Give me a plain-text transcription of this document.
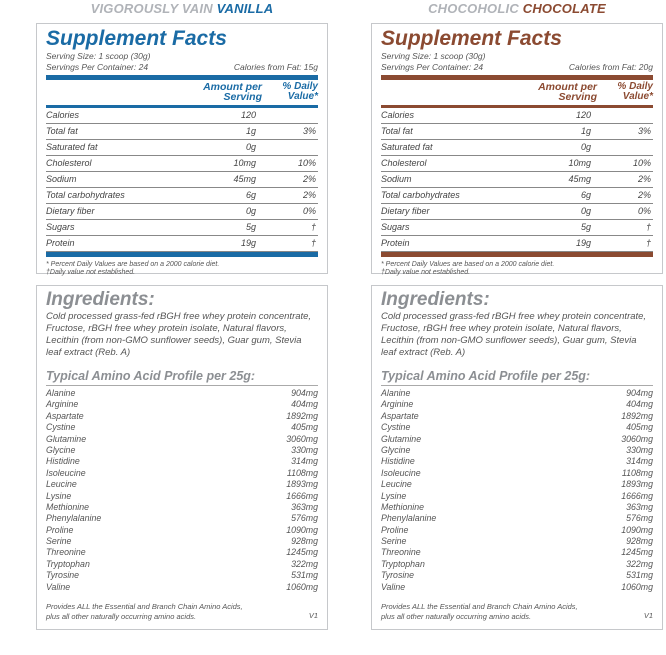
VIGOROUSLY VAIN VANILLA
Supplement Facts
Serving Size: 1 scoop (30g)
Servings Per Container: 24	Calories from Fat: 15g
Amount per
Serving
% Daily
Value*
Calories	120
Total fat	1g	3%
Saturated fat	0g
Cholesterol	10mg	10%
Sodium	45mg	2%
Total carbohydrates	6g	2%
Dietary fiber	0g	0%
Sugars	5g	†
Protein	19g	†
* Percent Daily Values are based on a 2000 calorie diet.
†Daily value not established.
Ingredients:
Cold processed grass-fed rBGH free whey protein concentrate, Fructose, rBGH free whey protein isolate, Natural flavors, Lecithin (from non-GMO sunflower seeds), Guar gum, Stevia leaf extract (Reb. A)
Typical Amino Acid Profile per 25g:
Alanine	904mg
Arginine	404mg
Aspartate	1892mg
Cystine	405mg
Glutamine	3060mg
Glycine	330mg
Histidine	314mg
Isoleucine	1108mg
Leucine	1893mg
Lysine	1666mg
Methionine	363mg
Phenylalanine	576mg
Proline	1090mg
Serine	928mg
Threonine	1245mg
Tryptophan	322mg
Tyrosine	531mg
Valine	1060mg
Provides ALL the Essential and Branch Chain Amino Acids, plus all other naturally occurring amino acids.	V1
CHOCOHOLIC CHOCOLATE
Supplement Facts
Serving Size: 1 scoop (30g)
Servings Per Container: 24	Calories from Fat: 20g
Amount per
Serving
% Daily
Value*
Calories	120
Total fat	1g	3%
Saturated fat	0g
Cholesterol	10mg	10%
Sodium	45mg	2%
Total carbohydrates	6g	2%
Dietary fiber	0g	0%
Sugars	5g	†
Protein	19g	†
* Percent Daily Values are based on a 2000 calorie diet.
†Daily value not established.
Ingredients:
Cold processed grass-fed rBGH free whey protein concentrate, Fructose, rBGH free whey protein isolate, Natural flavors, Lecithin (from non-GMO sunflower seeds), Guar gum, Stevia leaf extract (Reb. A)
Typical Amino Acid Profile per 25g:
Alanine	904mg
Arginine	404mg
Aspartate	1892mg
Cystine	405mg
Glutamine	3060mg
Glycine	330mg
Histidine	314mg
Isoleucine	1108mg
Leucine	1893mg
Lysine	1666mg
Methionine	363mg
Phenylalanine	576mg
Proline	1090mg
Serine	928mg
Threonine	1245mg
Tryptophan	322mg
Tyrosine	531mg
Valine	1060mg
Provides ALL the Essential and Branch Chain Amino Acids, plus all other naturally occurring amino acids.	V1
